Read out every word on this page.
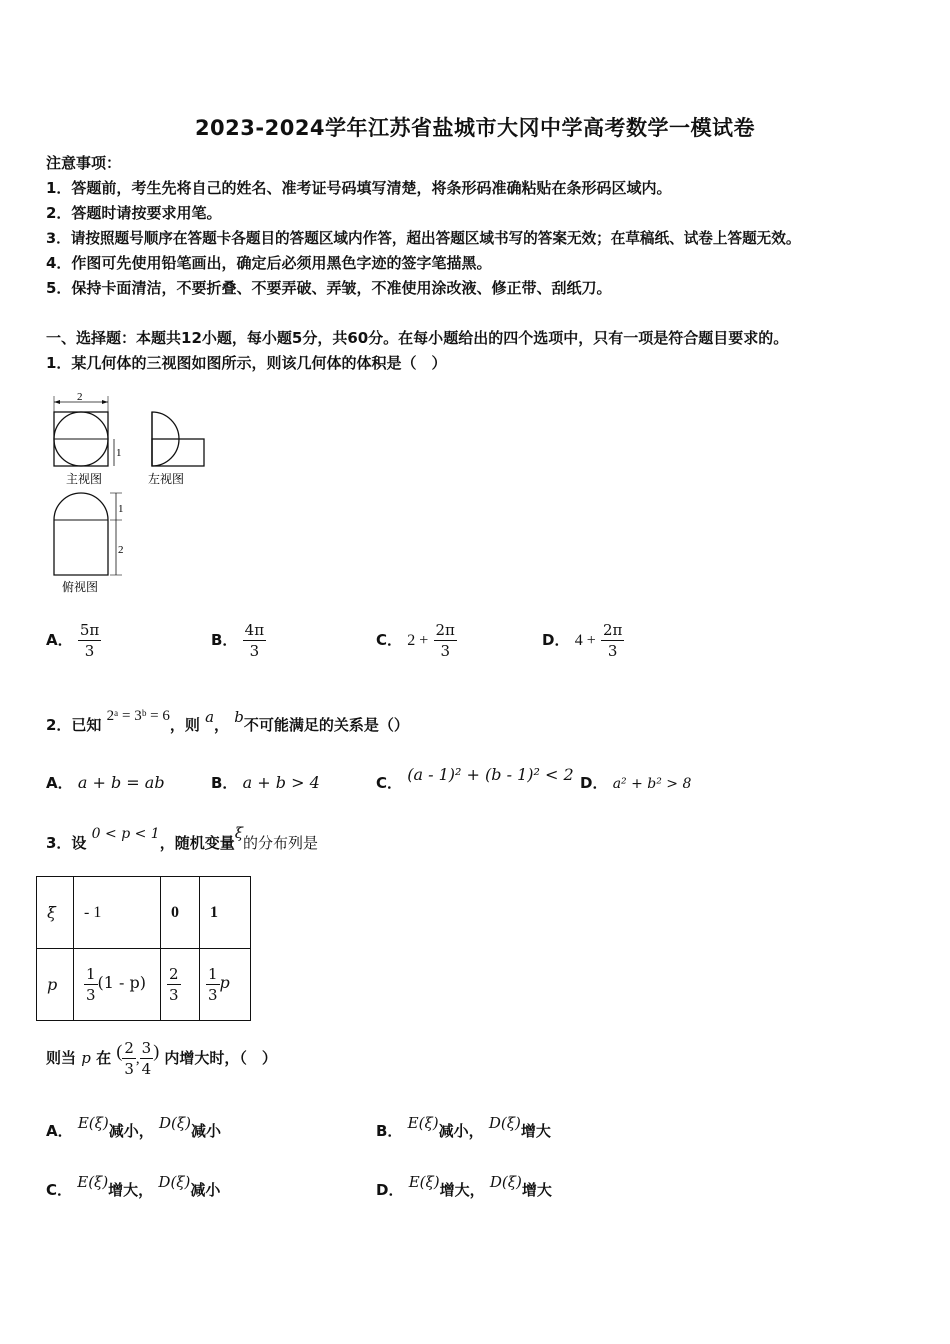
2023-2024学年江苏省盐城市大冈中学高考数学一模试卷
注意事项：
1．答题前，考生先将自己的姓名、准考证号码填写清楚，将条形码准确粘贴在条形码区域内。
2．答题时请按要求用笔。
3．请按照题号顺序在答题卡各题目的答题区域内作答，超出答题区域书写的答案无效；在草稿纸、试卷上答题无效。
4．作图可先使用铅笔画出，确定后必须用黑色字迹的签字笔描黑。
5．保持卡面清洁，不要折叠、不要弄破、弄皱，不准使用涂改液、修正带、刮纸刀。
一、选择题：本题共12小题，每小题5分，共60分。在每小题给出的四个选项中，只有一项是符合题目要求的。
1．某几何体的三视图如图所示，则该几何体的体积是（　）
2
1
主视图	左视图
1
2
俯视图
A． $\frac{5\pi}{3}$	B． $\frac{4\pi}{3}$	C． $2 + \frac{2\pi}{3}$	D． $4 + \frac{2\pi}{3}$
2．已知 2ᵃ = 3ᵇ = 6，则 a， b不可能满足的关系是（）
A． a + b = ab	B． a + b > 4	C． (a - 1)² + (b - 1)² < 2 D． a² + b² > 8
3．设 0 < p < 1，随机变量ξ的分布列是
ξ	- 1	0	1
p	$\frac{1}{3} (1 - p)$	$\frac{2}{3}$	$\frac{1}{3}$ p
则当 p 在 ( $\frac{2}{3}$ , $\frac{3}{4}$ ) 内增大时，（　）
A． E(ξ)减小， D(ξ)减小	B． E(ξ)减小， D(ξ)增大
C． E(ξ)增大， D(ξ)减小	D． E(ξ)增大， D(ξ)增大
